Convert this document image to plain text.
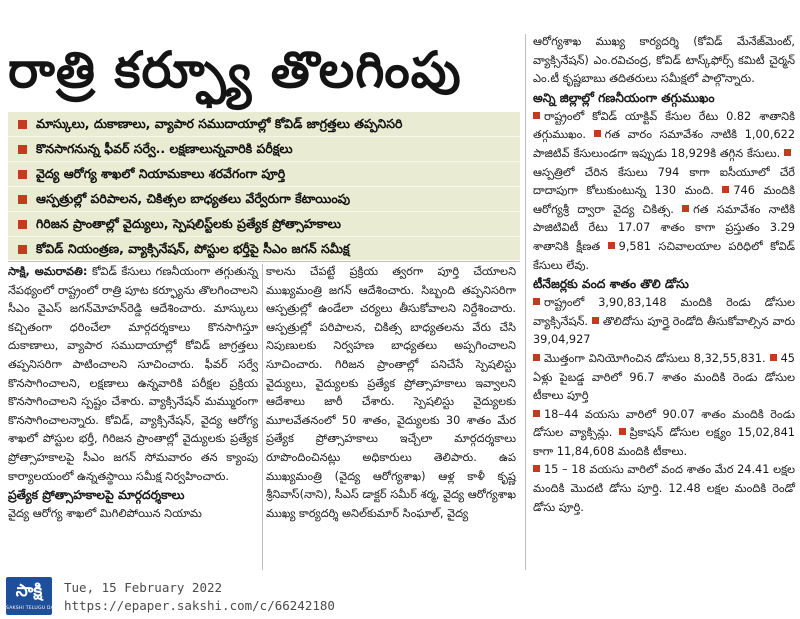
రాత్రి కర్ఫ్యూ తొలగింపు
మాస్కులు, దుకాణాలు, వ్యాపార సముదాయాల్లో కోవిడ్ జాగ్రత్తలు తప్పనిసరి
కొనసాగనున్న ఫీవర్ సర్వే.. లక్షణాలున్నవారికి పరీక్షలు
వైద్య ఆరోగ్య శాఖలో నియామకాలు శరవేగంగా పూర్తి
ఆస్పత్రుల్లో పరిపాలన, చికిత్సల బాధ్యతలు వేర్వేరుగా కేటాయింపు
గిరిజన ప్రాంతాల్లో వైద్యులు, స్పెషలిస్ట్‌లకు ప్రత్యేక ప్రోత్సాహకాలు
కోవిడ్ నియంత్రణ, వ్యాక్సినేషన్, పోస్టుల భర్తీపై సీఎం జగన్ సమీక్ష

సాక్షి, అమరావతి: కోవిడ్ కేసులు గణనీయంగా తగ్గుతున్న నేపథ్యంలో రాష్ట్రంలో రాత్రి పూట కర్ఫ్యూను తొలగించాలని సీఎం వైఎస్ జగన్‌మోహన్‌రెడ్డి ఆదేశించారు. మాస్కులు కచ్చితంగా ధరించేలా మార్గదర్శకాలు కొనసాగిస్తూ దుకాణాలు, వ్యాపార సముదాయాల్లో కోవిడ్ జాగ్రత్తలు తప్పనిసరిగా పాటించాలని సూచించారు. ఫీవర్ సర్వే కొనసాగించాలని, లక్షణాలు ఉన్నవారికి పరీక్షల ప్రక్రియ కొనసాగించాలని స్పష్టం చేశారు. వ్యాక్సినేషన్ మమ్మురంగా కొనసాగించాలన్నారు. కోవిడ్, వ్యాక్సినేషన్, వైద్య ఆరోగ్య శాఖలో పోస్టుల భర్తీ, గిరిజన ప్రాంతాల్లో వైద్యులకు ప్రత్యేక ప్రోత్సాహకాలపై సీఎం జగన్ సోమవారం తన క్యాంపు కార్యాలయంలో ఉన్నతస్థాయి సమీక్ష నిర్వహించారు.

ప్రత్యేక ప్రోత్సాహకాలపై మార్గదర్శకాలు

వైద్య ఆరోగ్య శాఖలో మిగిలిపోయిన నియామ

కాలను చేపట్టే ప్రక్రియ త్వరగా పూర్తి చేయాలని ముఖ్యమంత్రి జగన్ ఆదేశించారు. సిబ్బంది తప్పనిసరిగా ఆస్పత్రుల్లో ఉండేలా చర్యలు తీసుకోవాలని నిర్దేశించారు. ఆస్పత్రుల్లో పరిపాలన, చికిత్స బాధ్యతలను వేరు చేసి నిపుణులకు నిర్వహణ బాధ్యతలు అప్పగించాలని సూచించారు. గిరిజన ప్రాంతాల్లో పనిచేసే స్పెషలిస్టు వైద్యులు, వైద్యులకు ప్రత్యేక ప్రోత్సాహకాలు ఇవ్వాలని ఆదేశాలు జారీ చేశారు. స్పెషలిస్టు వైద్యులకు మూలవేతనంలో 50 శాతం, వైద్యులకు 30 శాతం మేర ప్రత్యేక ప్రోత్సాహకాలు ఇచ్చేలా మార్గదర్శకాలు రూపొందించినట్లు అధికారులు తెలిపారు. ఉప ముఖ్యమంత్రి (వైద్య ఆరోగ్యశాఖ) ఆళ్ల కాళీ కృష్ణ శ్రీనివాస్(నాని), సీఎస్ డాక్టర్ సమీర్ శర్మ, వైద్య ఆరోగ్యశాఖ ముఖ్య కార్యదర్శి అనిల్‌కుమార్ సింఘాల్, వైద్య

ఆరోగ్యశాఖ ముఖ్య కార్యదర్శి (కోవిడ్ మేనేజ్‌మెంట్, వ్యాక్సినేషన్) ఎం.రవిచంద్ర, కోవిడ్ టాస్క్‌ఫోర్స్ కమిటీ చైర్మన్ ఎం.టీ కృష్ణబాబు తదితరులు సమీక్షలో పాల్గొన్నారు.

అన్ని జిల్లాల్లో గణనీయంగా తగ్గుముఖం

రాష్ట్రంలో కోవిడ్ యాక్టివ్ కేసుల రేటు 0.82 శాతానికి తగ్గుముఖం. గత వారం సమావేశం నాటికి 1,00,622 పాజిటివ్ కేసులుండగా ఇప్పుడు 18,929కి తగ్గిన కేసులు. ఆస్పత్రిలో చేరిన కేసులు 794 కాగా ఐసీయూలో చేరే దాదాపుగా కోలుకుంటున్న 130 మంది. 746 మందికి ఆరోగ్యశ్రీ ద్వారా వైద్య చికిత్స. గత సమావేశం నాటికి పాజిటివిటీ రేటు 17.07 శాతం కాగా ప్రస్తుతం 3.29 శాతానికి క్షీణత 9,581 సచివాలయాల పరిధిలో కోవిడ్ కేసులు లేవు.

టీనేజర్లకు వంద శాతం తొలి డోసు

రాష్ట్రంలో 3,90,83,148 మందికి రెండు డోసుల వ్యాక్సినేషన్. తొలిదోసు పూర్తై రెండోది తీసుకోవాల్సిన వారు 39,04,927

మొత్తంగా వినియోగించిన డోసులు 8,32,55,831. 45 ఏళ్లు పైబడ్డ వారిలో 96.7 శాతం మందికి రెండు డోసుల టీకాలు పూర్తి

18–44 వయసు వారిలో 90.07 శాతం మందికి రెండు డోసుల వ్యాక్సిన్లు. ప్రికాషన్ డోసుల లక్ష్యం 15,02,841 కాగా 11,84,608 మందికి టీకాలు.

15 – 18 వయసు వారిలో వంద శాతం మేర 24.41 లక్షల మందికి మొదటి డోసు పూర్తి. 12.48 లక్షల మందికి రెండో డోసు పూర్తి.

సాక్షి
SAKSHI TELUGU DAILY
Tue, 15 February 2022
https://epaper.sakshi.com/c/66242180
